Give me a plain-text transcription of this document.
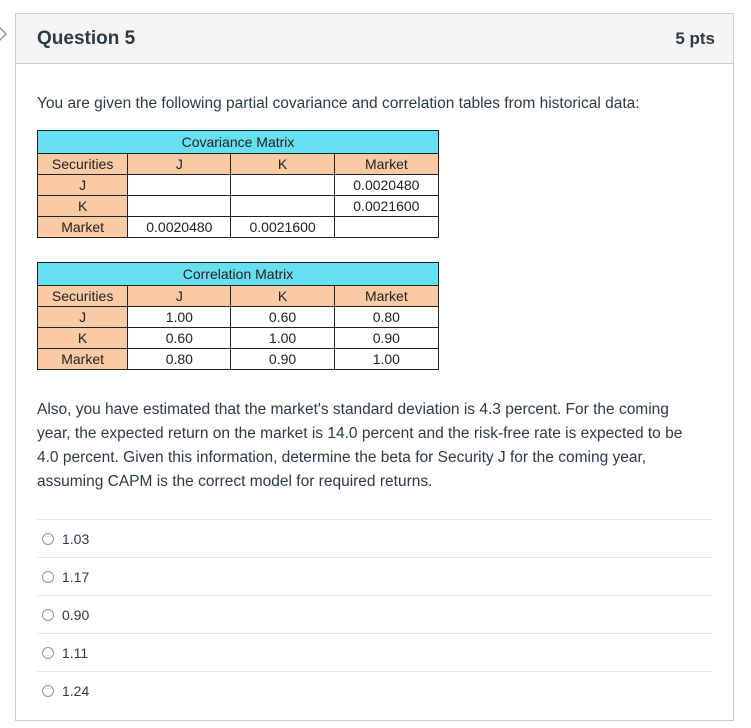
Question 5	5 pts

You are given the following partial covariance and correlation tables from historical data:

Covariance Matrix			
Securities	J	K	Market
J			0.0020480
K			0.0021600
Market	0.0020480	0.0021600	
Correlation Matrix			
Securities	J	K	Market
J	1.00	0.60	0.80
K	0.60	1.00	0.90
Market	0.80	0.90	1.00

Also, you have estimated that the market's standard deviation is 4.3 percent. For the coming year, the expected return on the market is 14.0 percent and the risk-free rate is expected to be 4.0 percent. Given this information, determine the beta for Security J for the coming year, assuming CAPM is the correct model for required returns.

1.03
1.17
0.90
1.11
1.24
